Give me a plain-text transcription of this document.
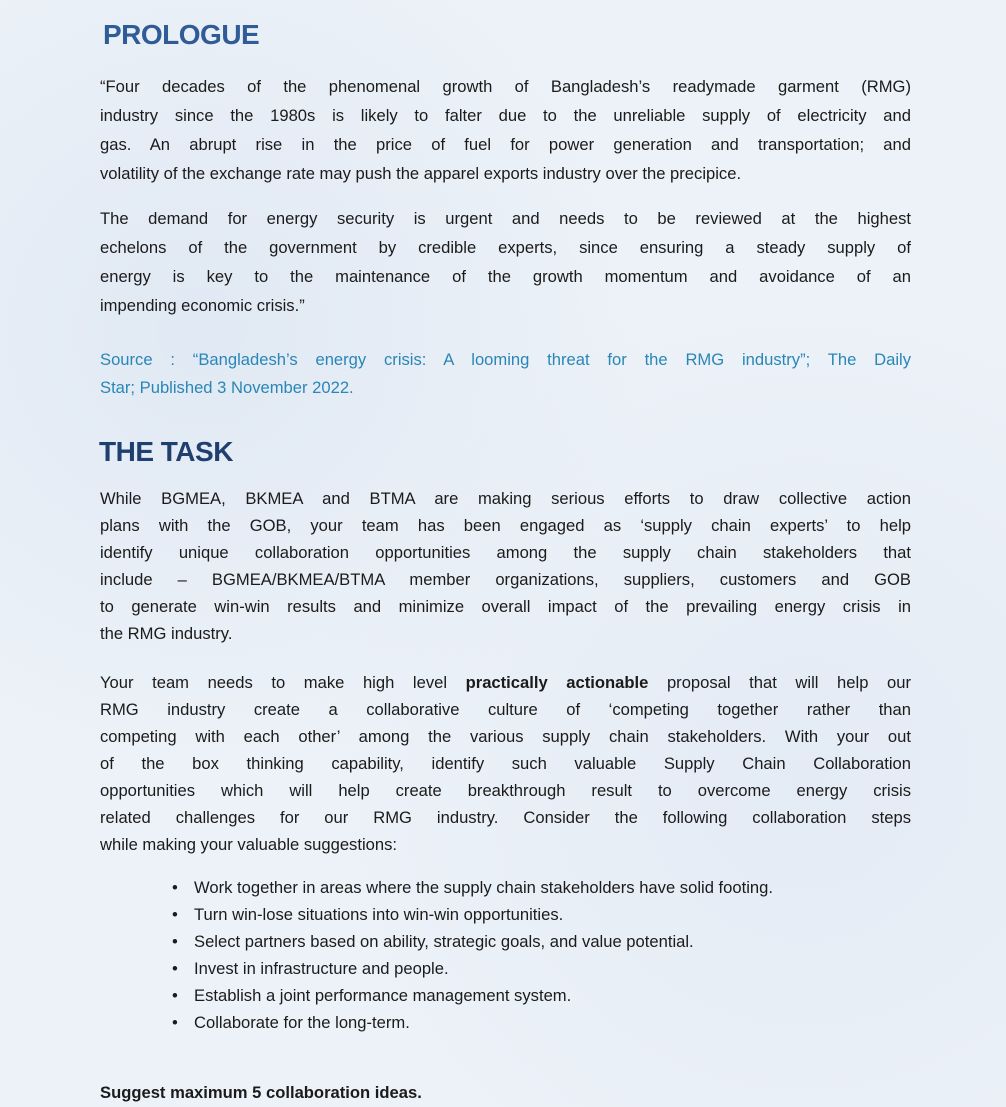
PROLOGUE
“Four decades of the phenomenal growth of Bangladesh’s readymade garment (RMG)
industry since the 1980s is likely to falter due to the unreliable supply of electricity and
gas. An abrupt rise in the price of fuel for power generation and transportation; and
volatility of the exchange rate may push the apparel exports industry over the precipice.
The demand for energy security is urgent and needs to be reviewed at the highest
echelons of the government by credible experts, since ensuring a steady supply of
energy is key to the maintenance of the growth momentum and avoidance of an
impending economic crisis.”
Source : “Bangladesh’s energy crisis: A looming threat for the RMG industry”; The Daily
Star; Published 3 November 2022.
THE TASK
While BGMEA, BKMEA and BTMA are making serious efforts to draw collective action
plans with the GOB, your team has been engaged as ‘supply chain experts’ to help
identify unique collaboration opportunities among the supply chain stakeholders that
include – BGMEA/BKMEA/BTMA member organizations, suppliers, customers and GOB
to generate win-win results and minimize overall impact of the prevailing energy crisis in
the RMG industry.
Your team needs to make high level practically actionable proposal that will help our
RMG industry create a collaborative culture of ‘competing together rather than
competing with each other’ among the various supply chain stakeholders. With your out
of the box thinking capability, identify such valuable Supply Chain Collaboration
opportunities which will help create breakthrough result to overcome energy crisis
related challenges for our RMG industry. Consider the following collaboration steps
while making your valuable suggestions:
• Work together in areas where the supply chain stakeholders have solid footing.
• Turn win-lose situations into win-win opportunities.
• Select partners based on ability, strategic goals, and value potential.
• Invest in infrastructure and people.
• Establish a joint performance management system.
• Collaborate for the long-term.
Suggest maximum 5 collaboration ideas.
